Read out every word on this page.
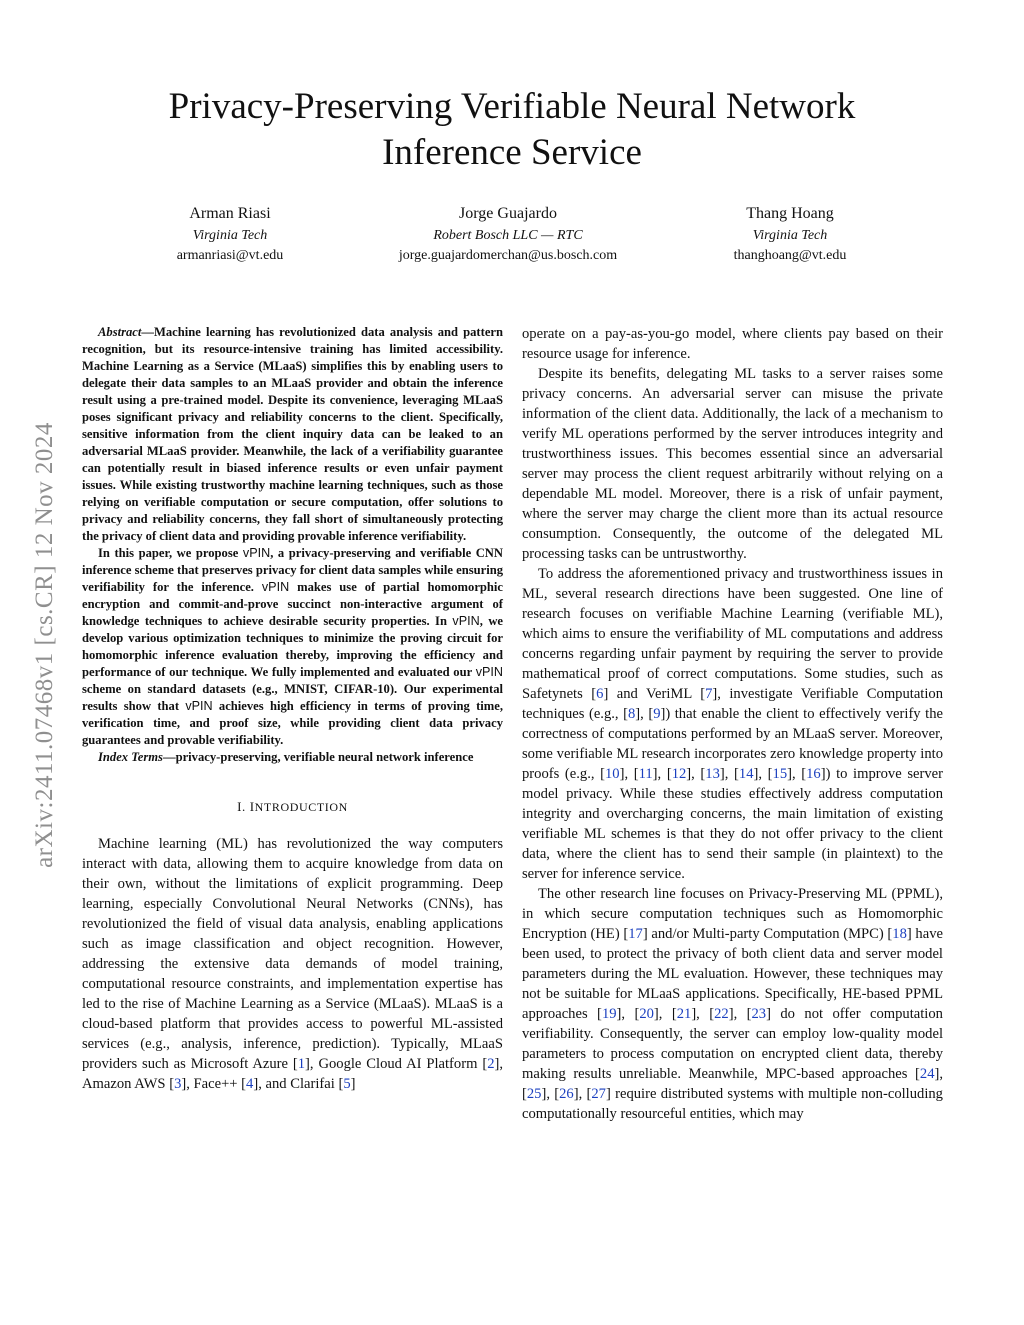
arXiv:2411.07468v1 [cs.CR] 12 Nov 2024
Privacy-Preserving Verifiable Neural Network
Inference Service
Arman Riasi
Virginia Tech
armanriasi@vt.edu
Jorge Guajardo
Robert Bosch LLC — RTC
jorge.guajardomerchan@us.bosch.com
Thang Hoang
Virginia Tech
thanghoang@vt.edu

Abstract—Machine learning has revolutionized data analysis and pattern recognition, but its resource-intensive training has limited accessibility. Machine Learning as a Service (MLaaS) simplifies this by enabling users to delegate their data samples to an MLaaS provider and obtain the inference result using a pre-trained model. Despite its convenience, leveraging MLaaS poses significant privacy and reliability concerns to the client. Specifically, sensitive information from the client inquiry data can be leaked to an adversarial MLaaS provider. Meanwhile, the lack of a verifiability guarantee can potentially result in biased inference results or even unfair payment issues. While existing trustworthy machine learning techniques, such as those relying on verifiable computation or secure computation, offer solutions to privacy and reliability concerns, they fall short of simultaneously protecting the privacy of client data and providing provable inference verifiability.

In this paper, we propose vPIN, a privacy-preserving and verifiable CNN inference scheme that preserves privacy for client data samples while ensuring verifiability for the inference. vPIN makes use of partial homomorphic encryption and commit-and-prove succinct non-interactive argument of knowledge techniques to achieve desirable security properties. In vPIN, we develop various optimization techniques to minimize the proving circuit for homomorphic inference evaluation thereby, improving the efficiency and performance of our technique. We fully implemented and evaluated our vPIN scheme on standard datasets (e.g., MNIST, CIFAR-10). Our experimental results show that vPIN achieves high efficiency in terms of proving time, verification time, and proof size, while providing client data privacy guarantees and provable verifiability.

Index Terms—privacy-preserving, verifiable neural network inference

I. INTRODUCTION

Machine learning (ML) has revolutionized the way computers interact with data, allowing them to acquire knowledge from data on their own, without the limitations of explicit programming. Deep learning, especially Convolutional Neural Networks (CNNs), has revolutionized the field of visual data analysis, enabling applications such as image classification and object recognition. However, addressing the extensive data demands of model training, computational resource constraints, and implementation expertise has led to the rise of Machine Learning as a Service (MLaaS). MLaaS is a cloud-based platform that provides access to powerful ML-assisted services (e.g., analysis, inference, prediction). Typically, MLaaS providers such as Microsoft Azure [1], Google Cloud AI Platform [2], Amazon AWS [3], Face++ [4], and Clarifai [5]

operate on a pay-as-you-go model, where clients pay based on their resource usage for inference.

Despite its benefits, delegating ML tasks to a server raises some privacy concerns. An adversarial server can misuse the private information of the client data. Additionally, the lack of a mechanism to verify ML operations performed by the server introduces integrity and trustworthiness issues. This becomes essential since an adversarial server may process the client request arbitrarily without relying on a dependable ML model. Moreover, there is a risk of unfair payment, where the server may charge the client more than its actual resource consumption. Consequently, the outcome of the delegated ML processing tasks can be untrustworthy.

To address the aforementioned privacy and trustworthiness issues in ML, several research directions have been suggested. One line of research focuses on verifiable Machine Learning (verifiable ML), which aims to ensure the verifiability of ML computations and address concerns regarding unfair payment by requiring the server to provide mathematical proof of correct computations. Some studies, such as Safetynets [6] and VeriML [7], investigate Verifiable Computation techniques (e.g., [8], [9]) that enable the client to effectively verify the correctness of computations performed by an MLaaS server. Moreover, some verifiable ML research incorporates zero knowledge property into proofs (e.g., [10], [11], [12], [13], [14], [15], [16]) to improve server model privacy. While these studies effectively address computation integrity and overcharging concerns, the main limitation of existing verifiable ML schemes is that they do not offer privacy to the client data, where the client has to send their sample (in plaintext) to the server for inference service.

The other research line focuses on Privacy-Preserving ML (PPML), in which secure computation techniques such as Homomorphic Encryption (HE) [17] and/or Multi-party Computation (MPC) [18] have been used, to protect the privacy of both client data and server model parameters during the ML evaluation. However, these techniques may not be suitable for MLaaS applications. Specifically, HE-based PPML approaches [19], [20], [21], [22], [23] do not offer computation verifiability. Consequently, the server can employ low-quality model parameters to process computation on encrypted client data, thereby making results unreliable. Meanwhile, MPC-based approaches [24], [25], [26], [27] require distributed systems with multiple non-colluding computationally resourceful entities, which may
